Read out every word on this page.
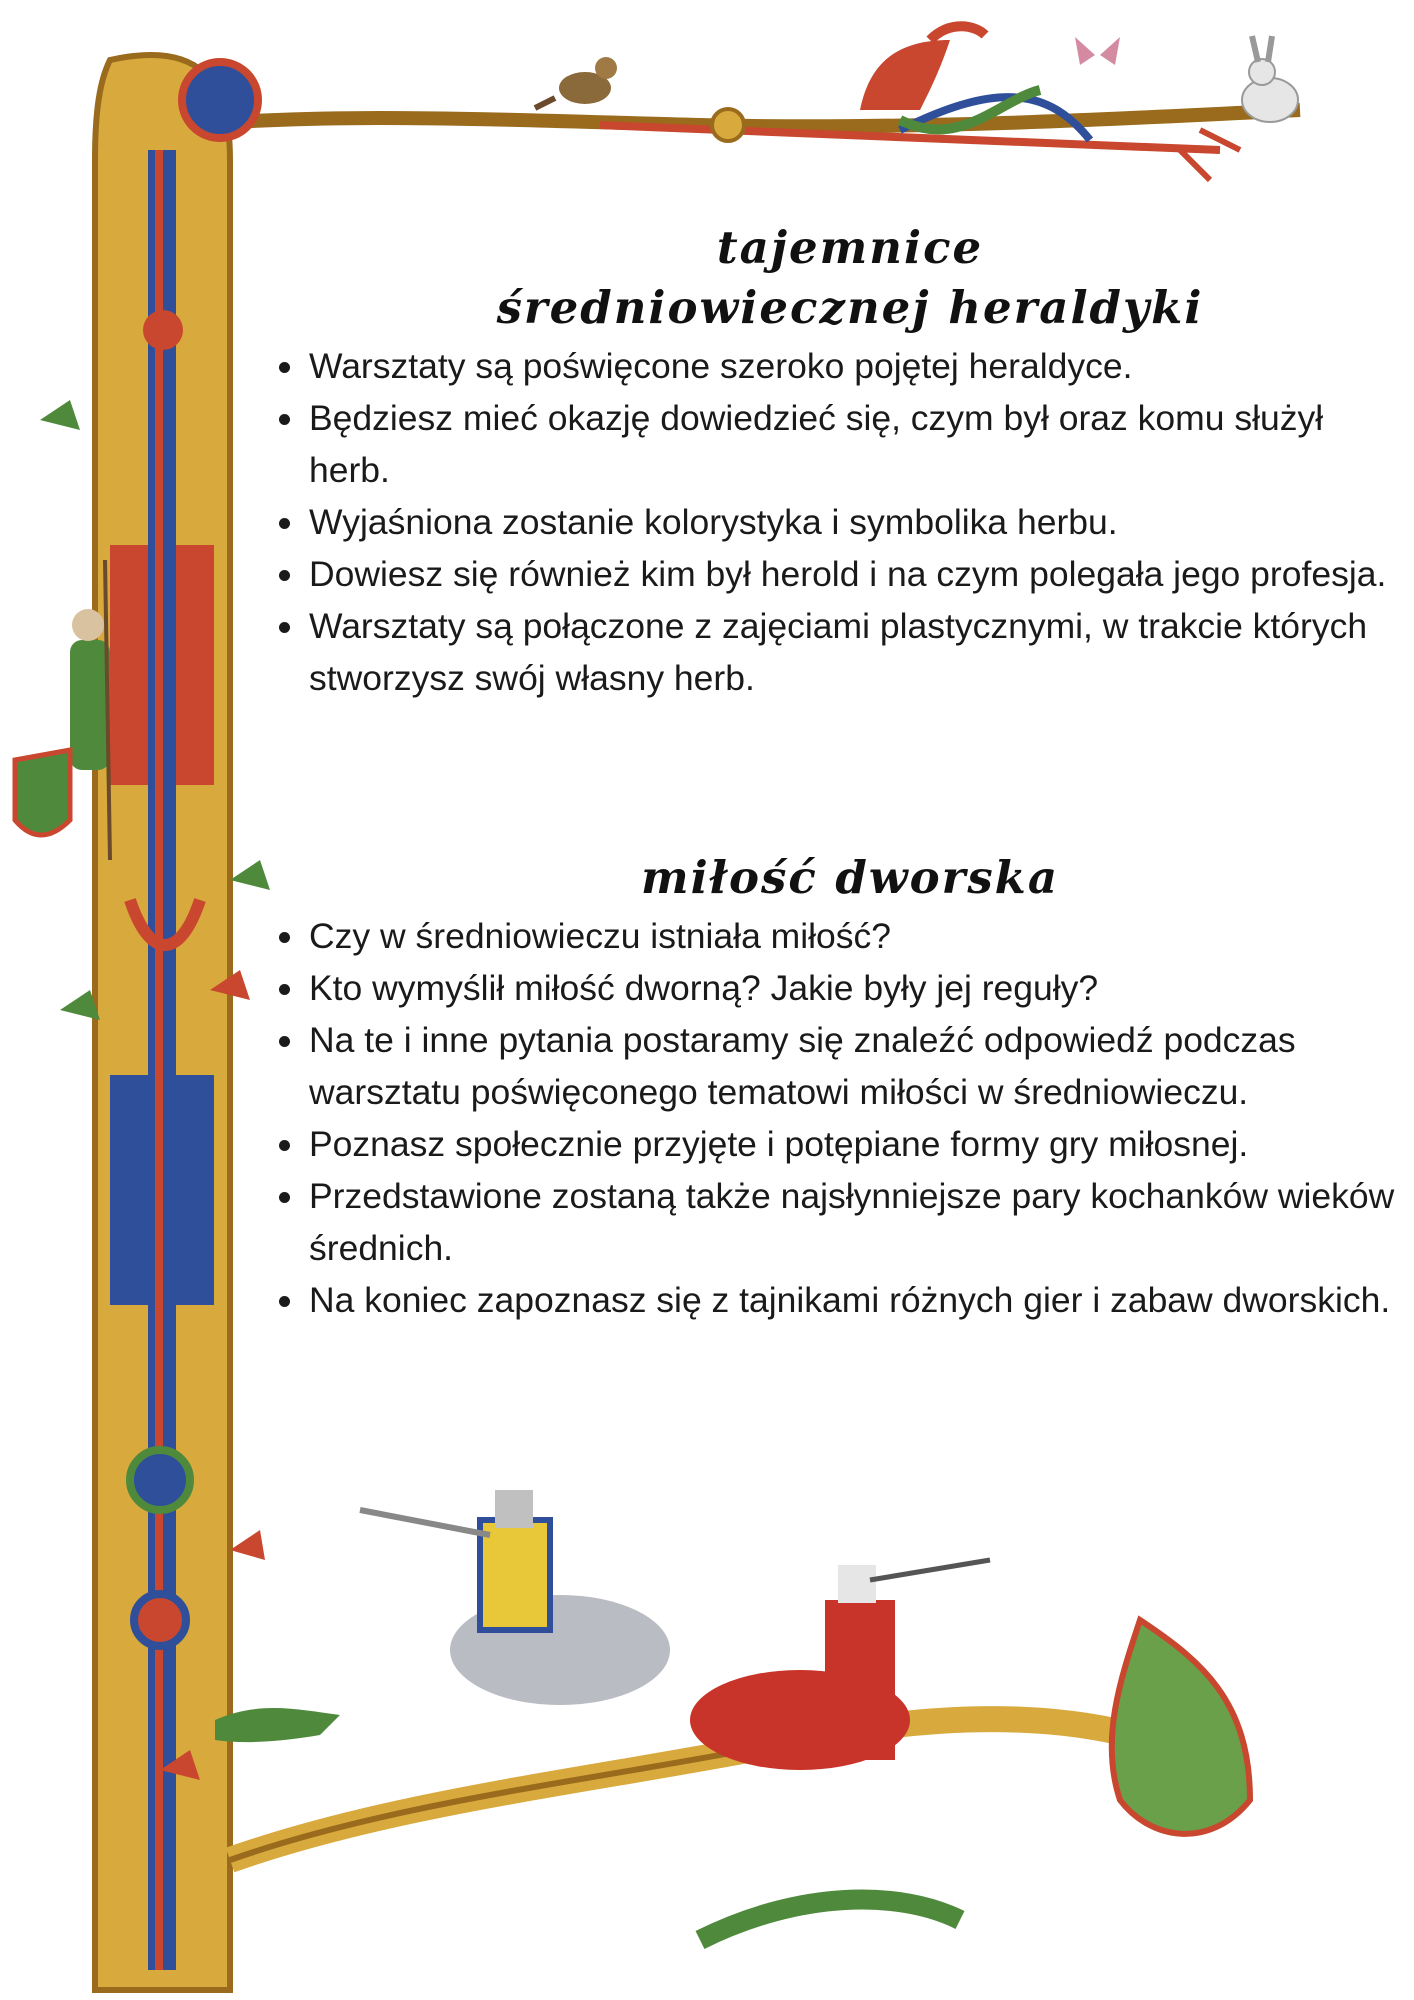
tajemnice
średniowiecznej heraldyki
• Warsztaty są poświęcone szeroko pojętej heraldyce.
• Będziesz mieć okazję dowiedzieć się, czym był oraz komu służył herb.
• Wyjaśniona zostanie kolorystyka i symbolika herbu.
• Dowiesz się również kim był herold i na czym polegała jego profesja.
• Warsztaty są połączone z zajęciami plastycznymi, w trakcie których stworzysz swój własny herb.
miłość dworska
• Czy w średniowieczu istniała miłość?
• Kto wymyślił miłość dworną? Jakie były jej reguły?
• Na te i inne pytania postaramy się znaleźć odpowiedź podczas warsztatu poświęconego tematowi miłości w średniowieczu.
• Poznasz społecznie przyjęte i potępiane formy gry miłosnej.
• Przedstawione zostaną także najsłynniejsze pary kochanków wieków średnich.
• Na koniec zapoznasz się z tajnikami różnych gier i zabaw dworskich.
